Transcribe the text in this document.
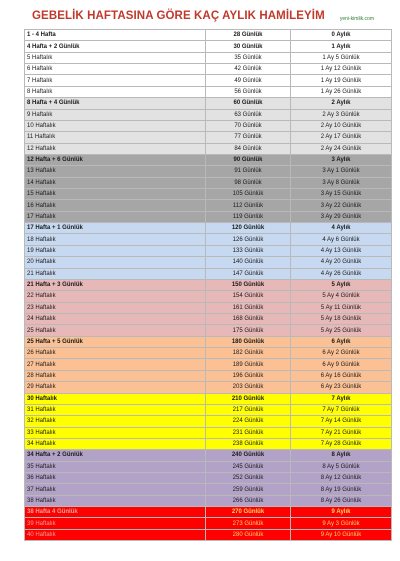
GEBELİK HAFTASINA GÖRE KAÇ AYLIK HAMİLEYİM	yeni-kimlik.com
1 - 4 Hafta	28 Günlük	0 Aylık
4 Hafta + 2 Günlük	30 Günlük	1 Aylık
5 Haftalık	35 Günlük	1 Ay 5 Günlük
6 Haftalık	42 Günlük	1 Ay 12 Günlük
7 Haftalık	49 Günlük	1 Ay 19 Günlük
8 Haftalık	56 Günlük	1 Ay 26 Günlük
8 Hafta + 4 Günlük	60 Günlük	2 Aylık
9 Haftalık	63 Günlük	2 Ay 3 Günlük
10 Haftalık	70 Günlük	2 Ay 10 Günlük
11 Haftalık	77 Günlük	2 Ay 17 Günlük
12 Haftalık	84 Günlük	2 Ay 24 Günlük
12 Hafta + 6 Günlük	90 Günlük	3 Aylık
13 Haftalık	91 Günlük	3 Ay 1 Günlük
14 Haftalık	98 Günlük	3 Ay 8 Günlük
15 Haftalık	105 Günlük	3 Ay 15 Günlük
16 Haftalık	112 Günlük	3 Ay 22 Günlük
17 Haftalık	119 Günlük	3 Ay 29 Günlük
17 Hafta + 1 Günlük	120 Günlük	4 Aylık
18 Haftalık	126 Günlük	4 Ay 6 Günlük
19 Haftalık	133 Günlük	4 Ay 13 Günlük
20 Haftalık	140 Günlük	4 Ay 20 Günlük
21 Haftalık	147 Günlük	4 Ay 26 Günlük
21 Hafta + 3 Günlük	150 Günlük	5 Aylık
22 Haftalık	154 Günlük	5 Ay 4 Günlük
23 Haftalık	161 Günlük	5 Ay 11 Günlük
24 Haftalık	168 Günlük	5 Ay 18 Günlük
25 Haftalık	175 Günlük	5 Ay 25 Günlük
25 Hafta + 5 Günlük	180 Günlük	6 Aylık
26 Haftalık	182 Günlük	6 Ay 2 Günlük
27 Haftalık	189 Günlük	6 Ay 9 Günlük
28 Haftalık	196 Günlük	6 Ay 16 Günlük
29 Haftalık	203 Günlük	6 Ay 23 Günlük
30 Haftalık	210 Günlük	7 Aylık
31 Haftalık	217 Günlük	7 Ay 7 Günlük
32 Haftalık	224 Günlük	7 Ay 14 Günlük
33 Haftalık	231 Günlük	7 Ay 21 Günlük
34 Haftalık	238 Günlük	7 Ay 28 Günlük
34 Hafta + 2 Günlük	240 Günlük	8 Aylık
35 Haftalık	245 Günlük	8 Ay 5 Günlük
36 Haftalık	252 Günlük	8 Ay 12 Günlük
37 Haftalık	259 Günlük	8 Ay 19 Günlük
38 Haftalık	266 Günlük	8 Ay 26 Günlük
38 Hafta 4 Günlük	270 Günlük	9 Aylık
39 Haftalık	273 Günlük	9 Ay 3 Günlük
40 Haftalık	280 Günlük	9 Ay 10 Günlük
